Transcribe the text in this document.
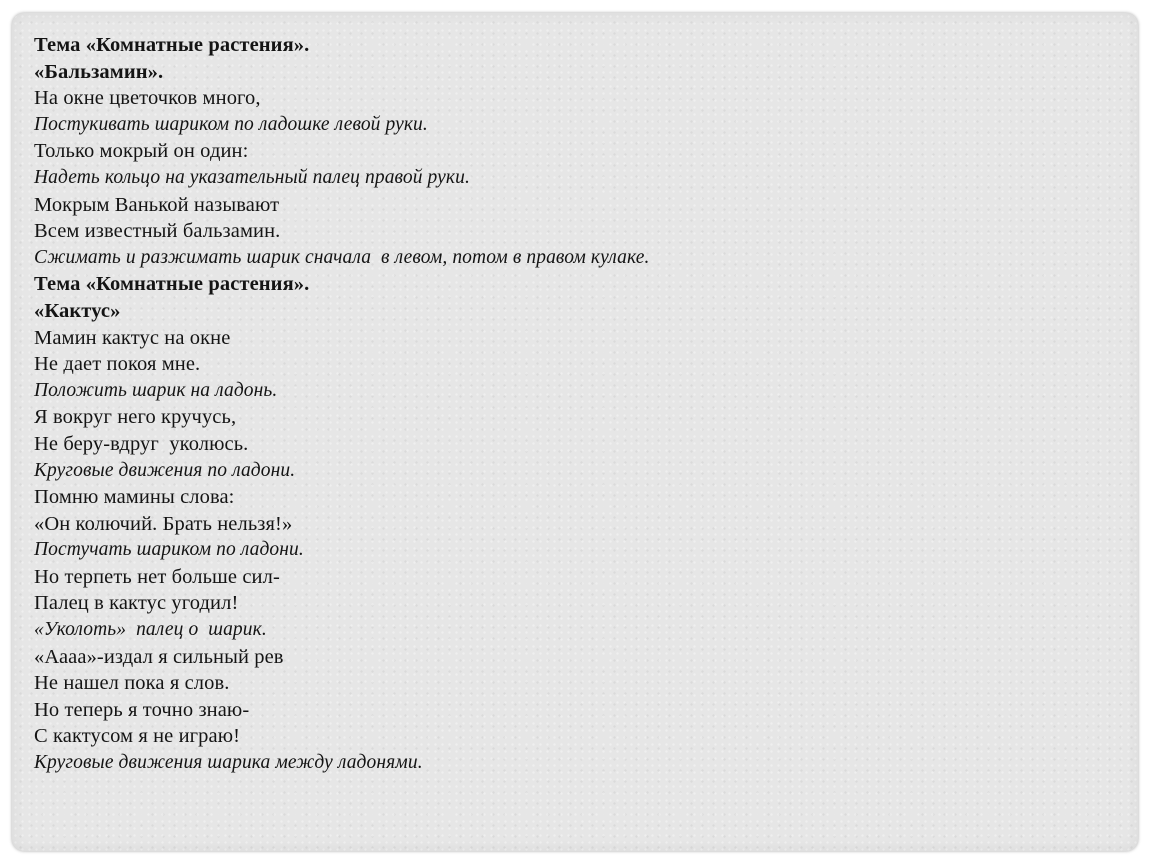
Тема «Комнатные растения».
«Бальзамин».
На окне цветочков много,
Постукивать шариком по ладошке левой руки.
Только мокрый он один:
Надеть кольцо на указательный палец правой руки.
Мокрым Ванькой называют
Всем известный бальзамин.
Сжимать и разжимать шарик сначала  в левом, потом в правом кулаке.
Тема «Комнатные растения».
«Кактус»
Мамин кактус на окне
Не дает покоя мне.
Положить шарик на ладонь.
Я вокруг него кручусь,
Не беру-вдруг  уколюсь.
Круговые движения по ладони.
Помню мамины слова:
«Он колючий. Брать нельзя!»
Постучать шариком по ладони.
Но терпеть нет больше сил-
Палец в кактус угодил!
«Уколоть»  палец о  шарик.
«Аааа»-издал я сильный рев
Не нашел пока я слов.
Но теперь я точно знаю-
С кактусом я не играю!
Круговые движения шарика между ладонями.
